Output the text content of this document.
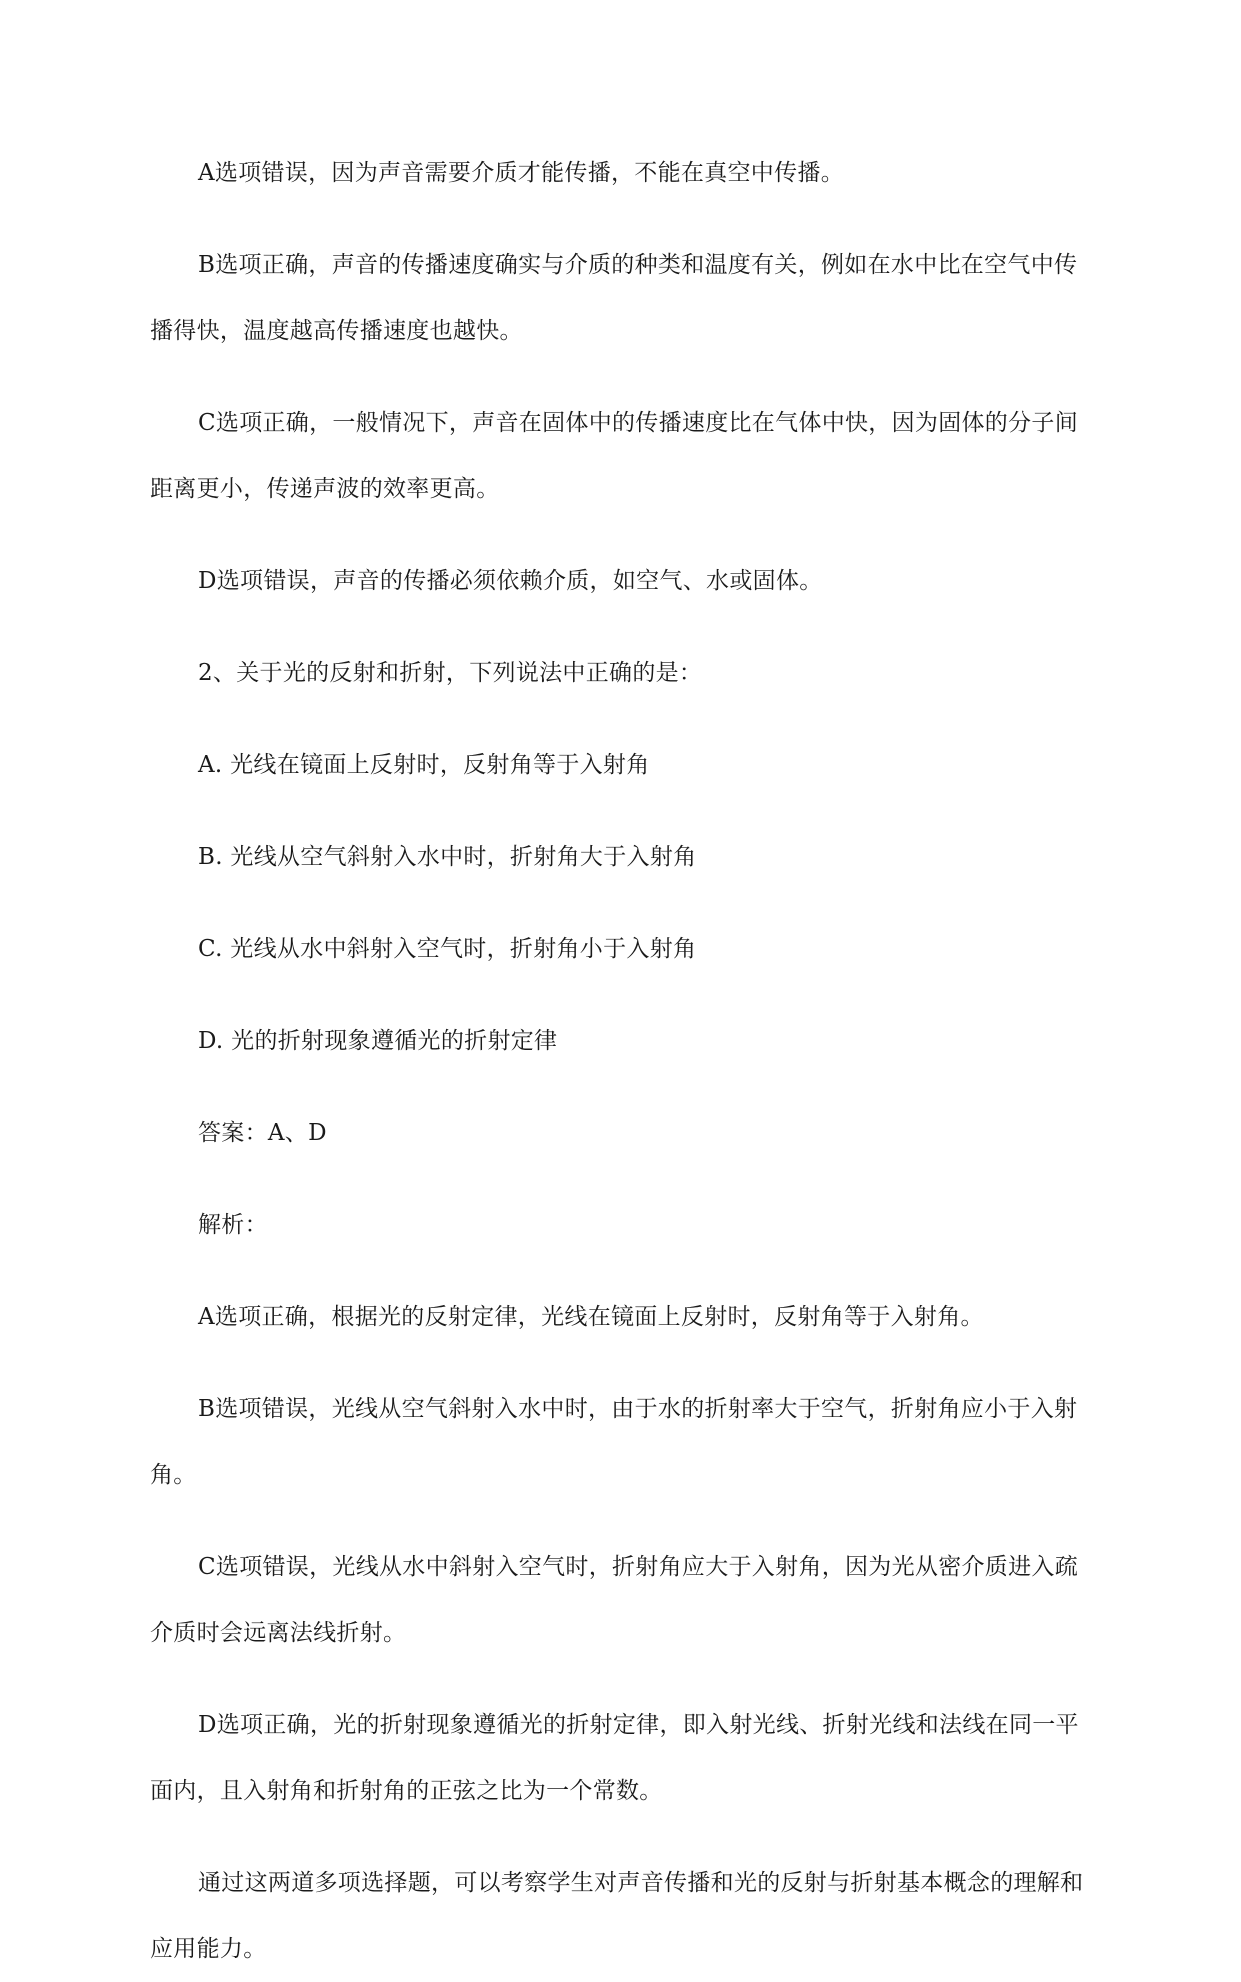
A选项错误，因为声音需要介质才能传播，不能在真空中传播。

B选项正确，声音的传播速度确实与介质的种类和温度有关，例如在水中比在空气中传播得快，温度越高传播速度也越快。

C选项正确，一般情况下，声音在固体中的传播速度比在气体中快，因为固体的分子间距离更小，传递声波的效率更高。

D选项错误，声音的传播必须依赖介质，如空气、水或固体。

2、关于光的反射和折射，下列说法中正确的是：

A. 光线在镜面上反射时，反射角等于入射角

B. 光线从空气斜射入水中时，折射角大于入射角

C. 光线从水中斜射入空气时，折射角小于入射角

D. 光的折射现象遵循光的折射定律

答案：A、D

解析：

A选项正确，根据光的反射定律，光线在镜面上反射时，反射角等于入射角。

B选项错误，光线从空气斜射入水中时，由于水的折射率大于空气，折射角应小于入射角。

C选项错误，光线从水中斜射入空气时，折射角应大于入射角，因为光从密介质进入疏介质时会远离法线折射。

D选项正确，光的折射现象遵循光的折射定律，即入射光线、折射光线和法线在同一平面内，且入射角和折射角的正弦之比为一个常数。

通过这两道多项选择题，可以考察学生对声音传播和光的反射与折射基本概念的理解和应用能力。
